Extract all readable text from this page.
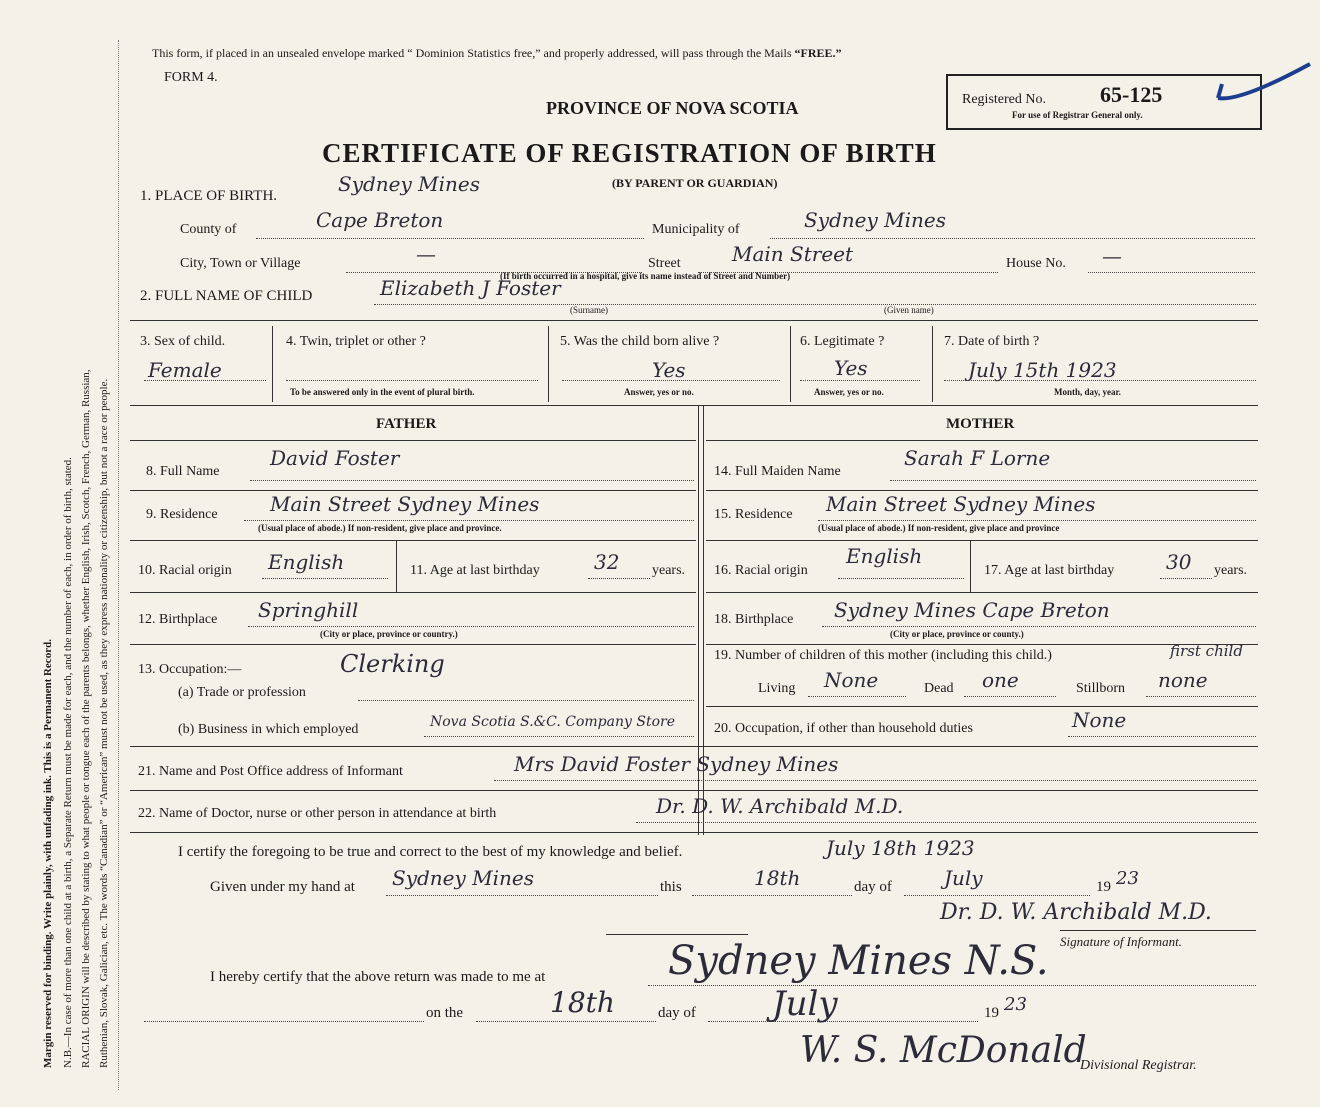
Margin reserved for binding. Write plainly, with unfading ink. This is a Permanent Record. N.B.—In case of more than one child at a birth, a Separate Return must be made for each, and the number of each, in order of birth, stated. RACIAL ORIGIN will be described by stating to what people or tongue each of the parents belongs, whether English, Irish, Scotch, French, German, Russian, Ruthenian, Slovak, Galician, etc. The words “Canadian” or “American” must not be used, as they express nationality or citizenship, but not a race or people.
This form, if placed in an unsealed envelope marked “ Dominion Statistics free,” and properly addressed, will pass through the Mails “FREE.”
FORM 4.
PROVINCE OF NOVA SCOTIA
CERTIFICATE OF REGISTRATION OF BIRTH
(BY PARENT OR GUARDIAN)
Registered No. 65-125
For use of Registrar General only.
1. PLACE OF BIRTH.	Sydney Mines
County of	Cape Breton	Municipality of	Sydney Mines
City, Town or Village	—	Street	Main Street	House No. —
(If birth occurred in a hospital, give its name instead of Street and Number)
2. FULL NAME OF CHILD	Elizabeth J Foster
(Surname)	(Given name)
3. Sex of child.
Female
4. Twin, triplet or other ?
To be answered only in the event of plural birth.
5. Was the child born alive ?
Yes
Answer, yes or no.
6. Legitimate ?
Yes
Answer, yes or no.
7. Date of birth ?
July 15th 1923
Month, day, year.
FATHER
8. Full Name
David Foster
9. Residence	Main Street Sydney Mines
(Usual place of abode.) If non-resident, give place and province.
10. Racial origin English	11. Age at last birthday	32 years.
12. Birthplace Springhill
(City or place, province or country.)
13. Occupation:—	Clerking
(a) Trade or profession
(b) Business in which employed	Nova Scotia S.&C. Company Store
MOTHER
14. Full Maiden Name
Sarah F Lorne
15. Residence Main Street Sydney Mines
(Usual place of abode.) If non-resident, give place and province
16. Racial origin
English
17. Age at last birthday	30 years.
18. Birthplace Sydney Mines Cape Breton
(City or place, province or county.)
19. Number of children of this mother (including this child.)	first child
Living None	Dead one	Stillborn none
20. Occupation, if other than household duties	None
21. Name and Post Office address of Informant	Mrs David Foster Sydney Mines
22. Name of Doctor, nurse or other person in attendance at birth	Dr. D. W. Archibald M.D.
I certify the foregoing to be true and correct to the best of my knowledge and belief.	July 18th 1923
Given under my hand at Sydney Mines	this	18th	day of	July	19 23
Dr. D. W. Archibald M.D.
Signature of Informant.
I hereby certify that the above return was made to me at	Sydney Mines N.S.
on the	18th	day of July	19 23
W. S. McDonald
Divisional Registrar.
